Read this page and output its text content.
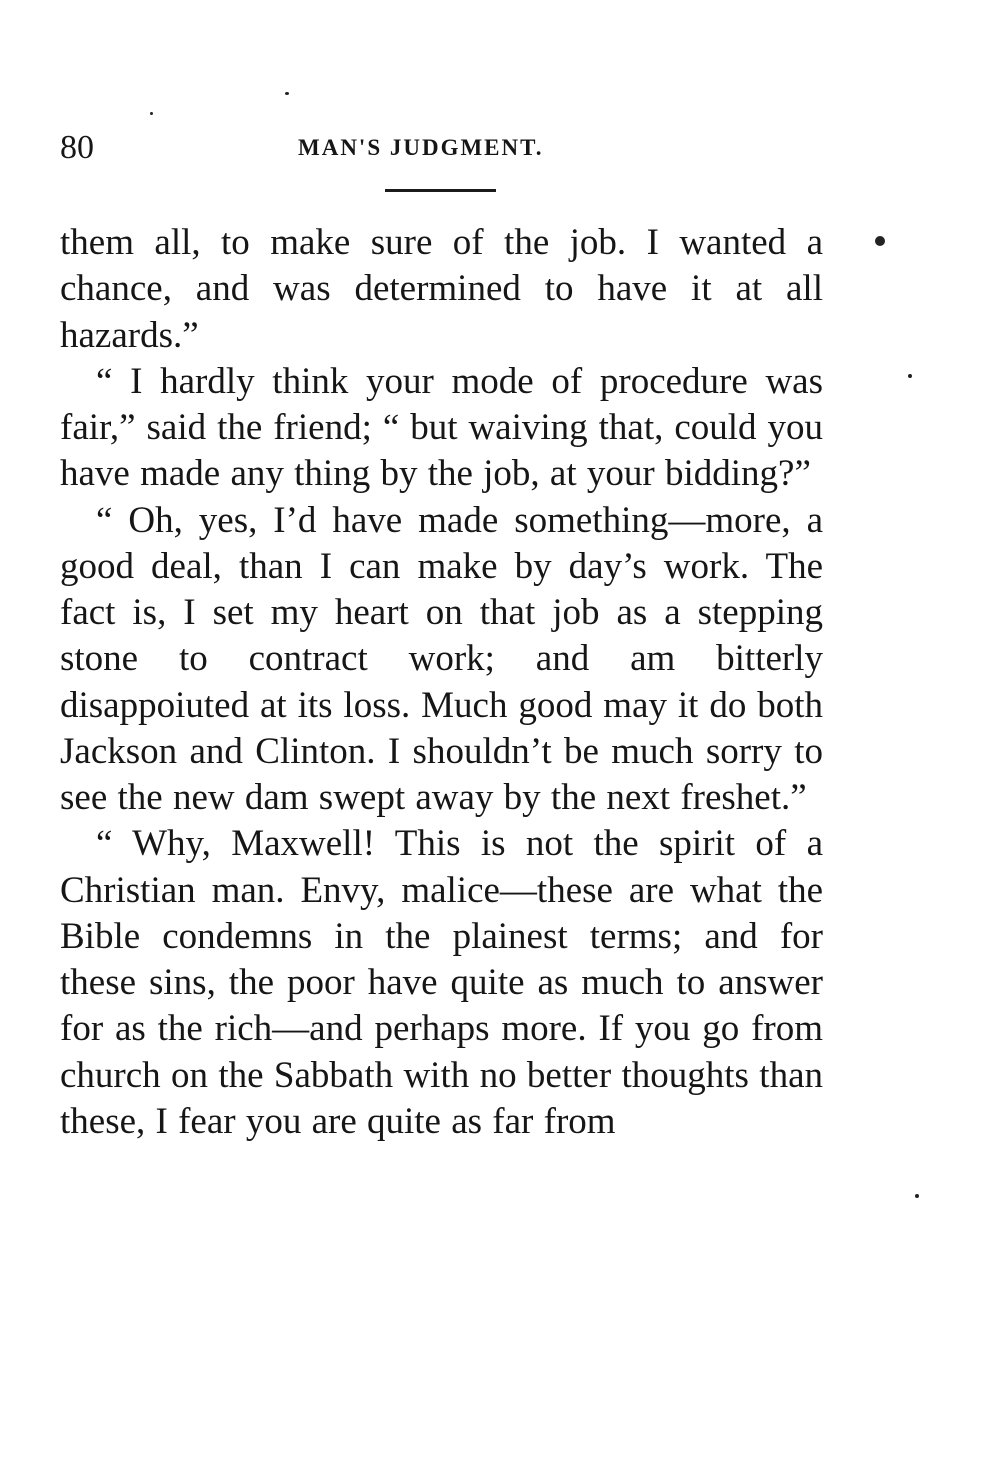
80	MAN'S JUDGMENT.

them all, to make sure of the job. I wanted a chance, and was determined to have it at all hazards.”

“ I hardly think your mode of procedure was fair,” said the friend; “ but waiving that, could you have made any thing by the job, at your bidding?”

“ Oh, yes, I’d have made something—more, a good deal, than I can make by day’s work. The fact is, I set my heart on that job as a stepping stone to contract work; and am bitterly disappoiuted at its loss. Much good may it do both Jackson and Clinton. I shouldn’t be much sorry to see the new dam swept away by the next freshet.”

“ Why, Maxwell! This is not the spirit of a Christian man. Envy, malice—these are what the Bible condemns in the plainest terms; and for these sins, the poor have quite as much to answer for as the rich—and perhaps more. If you go from church on the Sabbath with no better thoughts than these, I fear you are quite as far from
